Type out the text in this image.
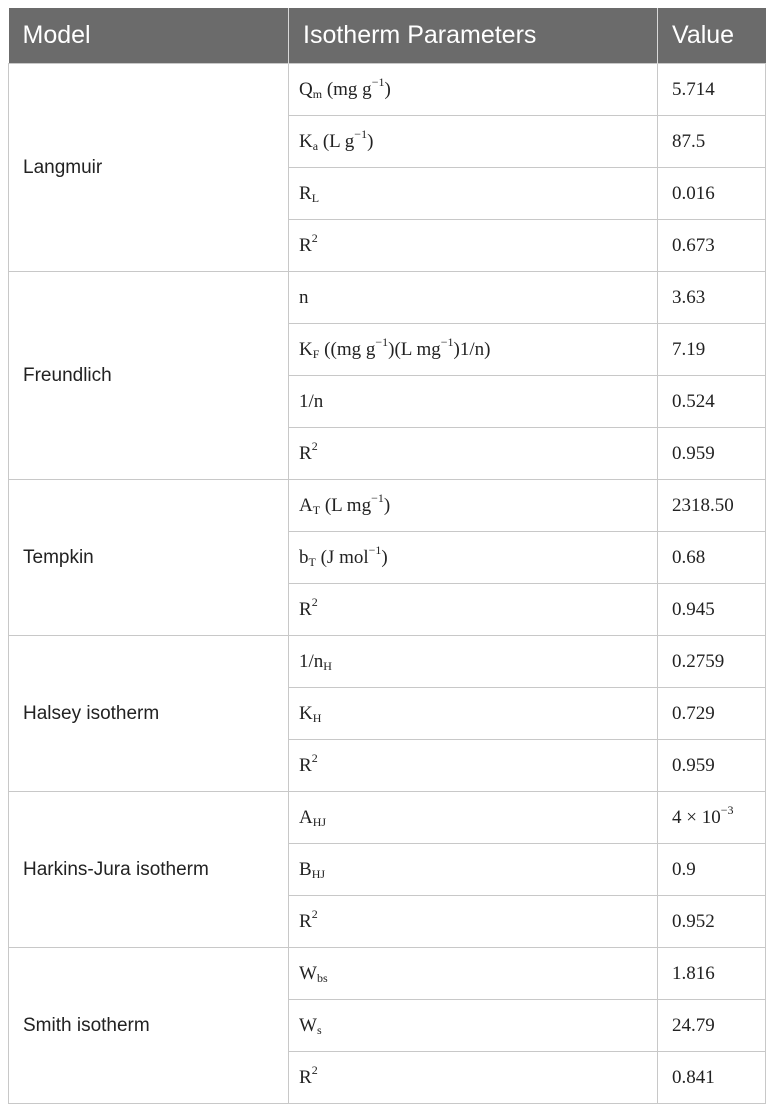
Model	Isotherm Parameters	Value
Langmuir	$Q_m$ (mg $g^{-1}$)	5.714
	$K_a$ (L $g^{-1}$)	87.5
	$R_L$	0.016
	$R^2$	0.673
Freundlich	n	3.63
	$K_F$ ((mg $g^{-1})(L$ $mg^{-1})1/n$)	7.19
	1/n	0.524
	$R^2$	0.959
Tempkin	$A_T$ (L $mg^{-1}$)	2318.50
	$b_T$ (J mol$^{-1}$)	0.68
	$R^2$	0.945
Halsey isotherm	$1/n_H$	0.2759
	$K_H$	0.729
	$R^2$	0.959
Harkins-Jura isotherm	$A_{HJ}$	$4 \times 10^{-3}$
	$B_{HJ}$	0.9
	$R^2$	0.952
Smith isotherm	$W_{bs}$	1.816
	$W_s$	24.79
	$R^2$	0.841
